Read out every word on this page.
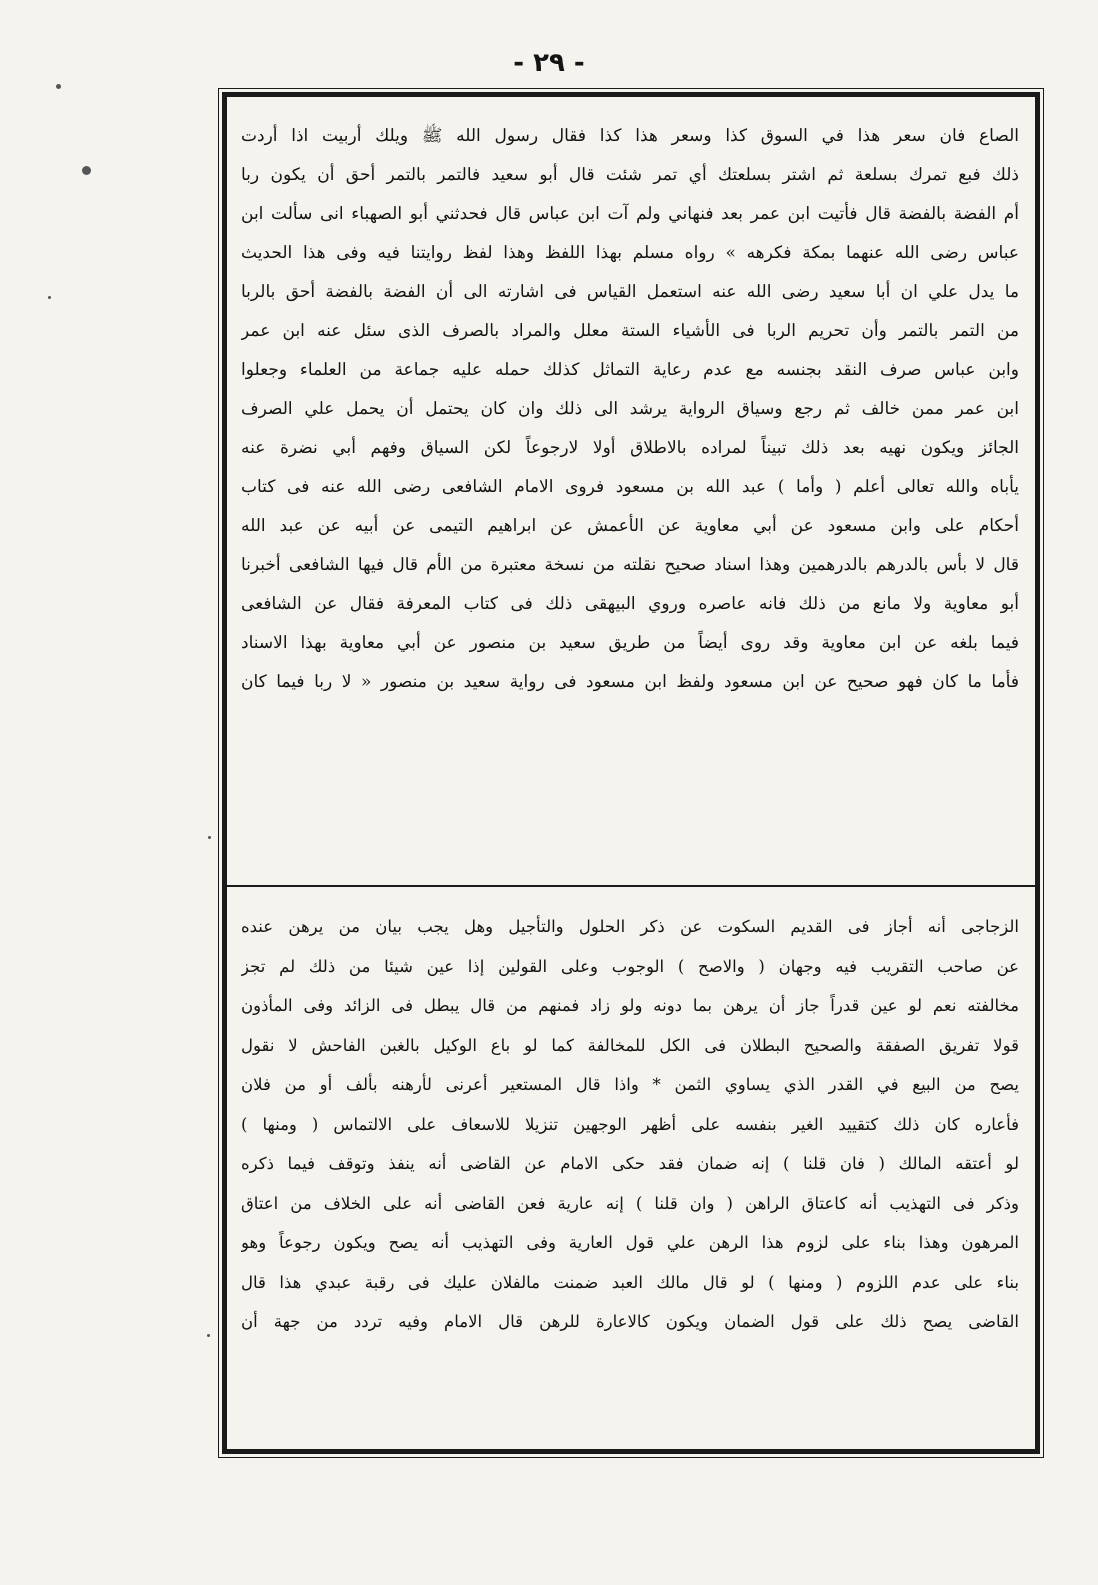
- ٢٩ -
الصاع فان سعر هذا في السوق كذا وسعر هذا كذا فقال رسول الله ﷺ ويلك أربيت اذا أردت
ذلك فبع تمرك بسلعة ثم اشتر بسلعتك أي تمر شئت قال أبو سعيد فالتمر بالتمر أحق أن يكون ربا
أم الفضة بالفضة قال فأتيت ابن عمر بعد فنهاني ولم آت ابن عباس قال فحدثني أبو الصهباء انى سألت ابن
عباس رضى الله عنهما بمكة فكرهه » رواه مسلم بهذا اللفظ وهذا لفظ روايتنا فيه وفى هذا الحديث
ما يدل علي ان أبا سعيد رضى الله عنه استعمل القياس فى اشارته الى أن الفضة بالفضة أحق بالربا
من التمر بالتمر وأن تحريم الربا فى الأشياء الستة معلل والمراد بالصرف الذى سئل عنه ابن عمر
وابن عباس صرف النقد بجنسه مع عدم رعاية التماثل كذلك حمله عليه جماعة من العلماء وجعلوا
ابن عمر ممن خالف ثم رجع وسياق الرواية يرشد الى ذلك وان كان يحتمل أن يحمل علي الصرف
الجائز ويكون نهيه بعد ذلك تبيناً لمراده بالاطلاق أولا لارجوعاً لكن السياق وفهم أبي نضرة عنه
يأباه والله تعالى أعلم ( وأما ) عبد الله بن مسعود فروى الامام الشافعى رضى الله عنه فى كتاب
أحكام على وابن مسعود عن أبي معاوية عن الأعمش عن ابراهيم التيمى عن أبيه عن عبد الله
قال لا بأس بالدرهم بالدرهمين وهذا اسناد صحيح نقلته من نسخة معتبرة من الأم قال فيها الشافعى أخبرنا
أبو معاوية ولا مانع من ذلك فانه عاصره وروي البيهقى ذلك فى كتاب المعرفة فقال عن الشافعى
فيما بلغه عن ابن معاوية وقد روى أيضاً من طريق سعيد بن منصور عن أبي معاوية بهذا الاسناد
فأما ما كان فهو صحيح عن ابن مسعود ولفظ ابن مسعود فى رواية سعيد بن منصور « لا ربا فيما كان
الزجاجى أنه أجاز فى القديم السكوت عن ذكر الحلول والتأجيل وهل يجب بيان من يرهن عنده
عن صاحب التقريب فيه وجهان ( والاصح ) الوجوب وعلى القولين إذا عين شيئا من ذلك لم تجز
مخالفته نعم لو عين قدراً جاز أن يرهن بما دونه ولو زاد فمنهم من قال يبطل فى الزائد وفى المأذون
قولا تفريق الصفقة والصحيح البطلان فى الكل للمخالفة كما لو باع الوكيل بالغبن الفاحش لا نقول
يصح من البيع في القدر الذي يساوي الثمن * واذا قال المستعير أعرنى لأرهنه بألف أو من فلان
فأعاره كان ذلك كتقييد الغير بنفسه على أظهر الوجهين تنزيلا للاسعاف على الالتماس ( ومنها )
لو أعتقه المالك ( فان قلنا ) إنه ضمان فقد حكى الامام عن القاضى أنه ينفذ وتوقف فيما ذكره
وذكر فى التهذيب أنه كاعتاق الراهن ( وان قلنا ) إنه عارية فعن القاضى أنه على الخلاف من اعتاق
المرهون وهذا بناء على لزوم هذا الرهن علي قول العارية وفى التهذيب أنه يصح ويكون رجوعاً وهو
بناء على عدم اللزوم ( ومنها ) لو قال مالك العبد ضمنت مالفلان عليك فى رقبة عبدي هذا قال
القاضى يصح ذلك على قول الضمان ويكون كالاعارة للرهن قال الامام وفيه تردد من جهة أن
